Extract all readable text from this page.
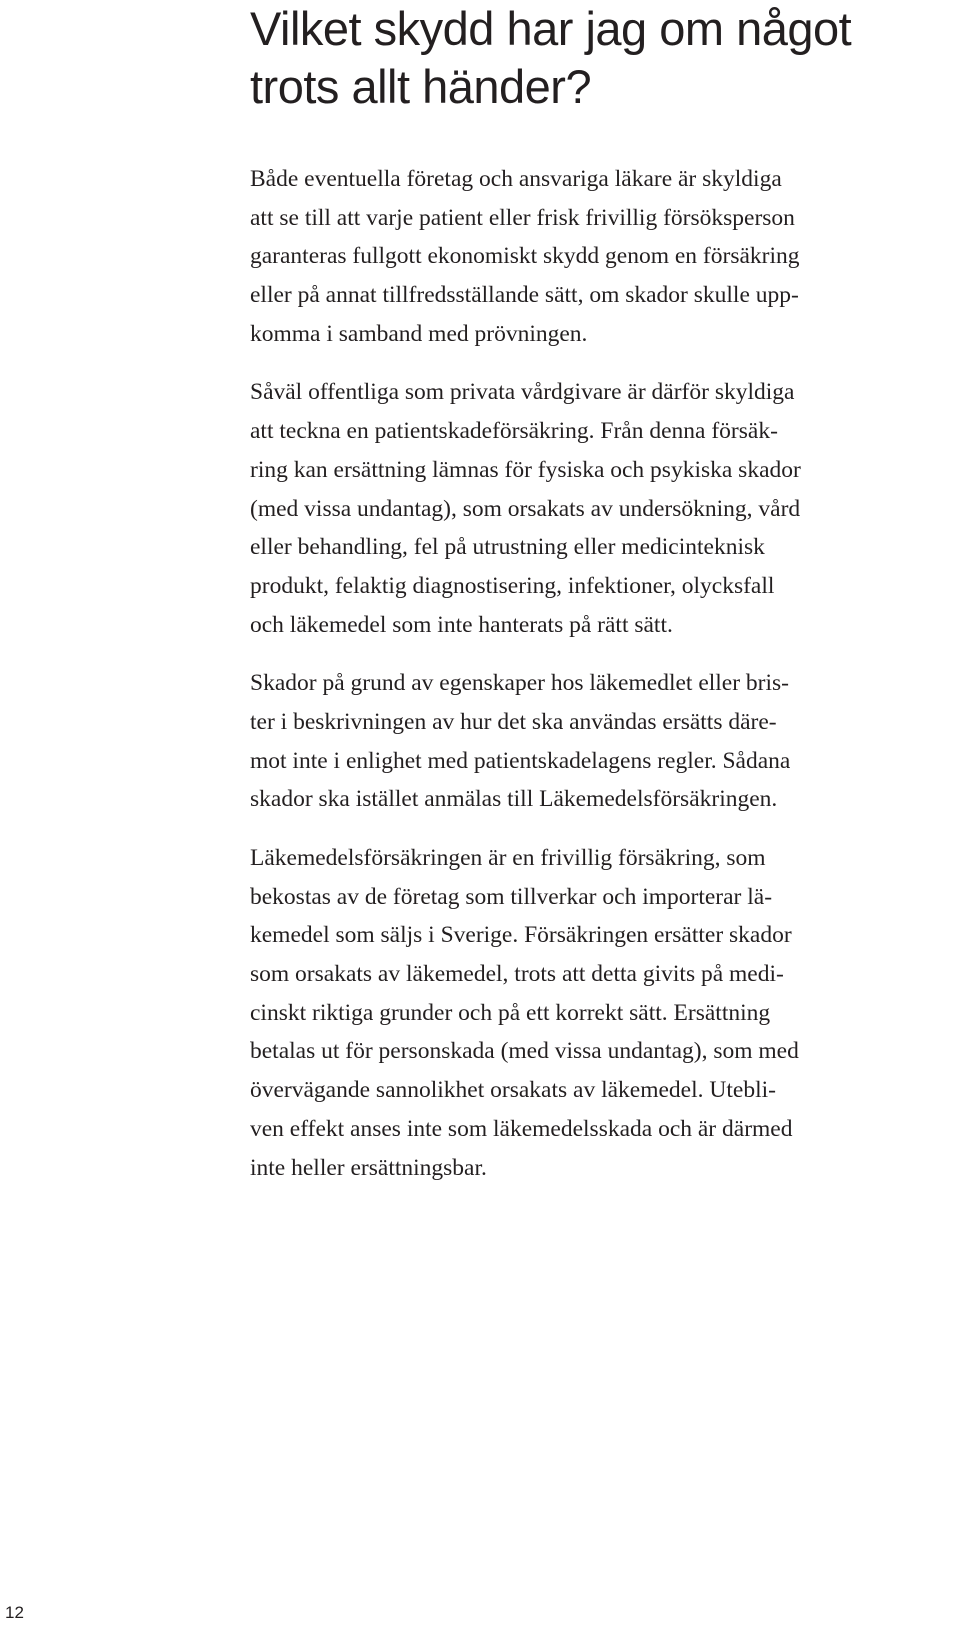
Vilket skydd har jag om något
trots allt händer?

Både eventuella företag och ansvariga läkare är skyldiga
att se till att varje patient eller frisk frivillig försöksperson
garanteras fullgott ekonomiskt skydd genom en försäkring
eller på annat tillfredsställande sätt, om skador skulle upp-
komma i samband med prövningen.

Såväl offentliga som privata vårdgivare är därför skyldiga
att teckna en patientskadeförsäkring. Från denna försäk-
ring kan ersättning lämnas för fysiska och psykiska skador
(med vissa undantag), som orsakats av undersökning, vård
eller behandling, fel på utrustning eller medicinteknisk
produkt, felaktig diagnostisering, infektioner, olycksfall
och läkemedel som inte hanterats på rätt sätt.

Skador på grund av egenskaper hos läkemedlet eller bris-
ter i beskrivningen av hur det ska användas ersätts däre-
mot inte i enlighet med patientskadelagens regler. Sådana
skador ska istället anmälas till Läkemedelsförsäkringen.

Läkemedelsförsäkringen är en frivillig försäkring, som
bekostas av de företag som tillverkar och importerar lä-
kemedel som säljs i Sverige. Försäkringen ersätter skador
som orsakats av läkemedel, trots att detta givits på medi-
cinskt riktiga grunder och på ett korrekt sätt. Ersättning
betalas ut för personskada (med vissa undantag), som med
övervägande sannolikhet orsakats av läkemedel. Utebli-
ven effekt anses inte som läkemedelsskada och är därmed
inte heller ersättningsbar.

12
